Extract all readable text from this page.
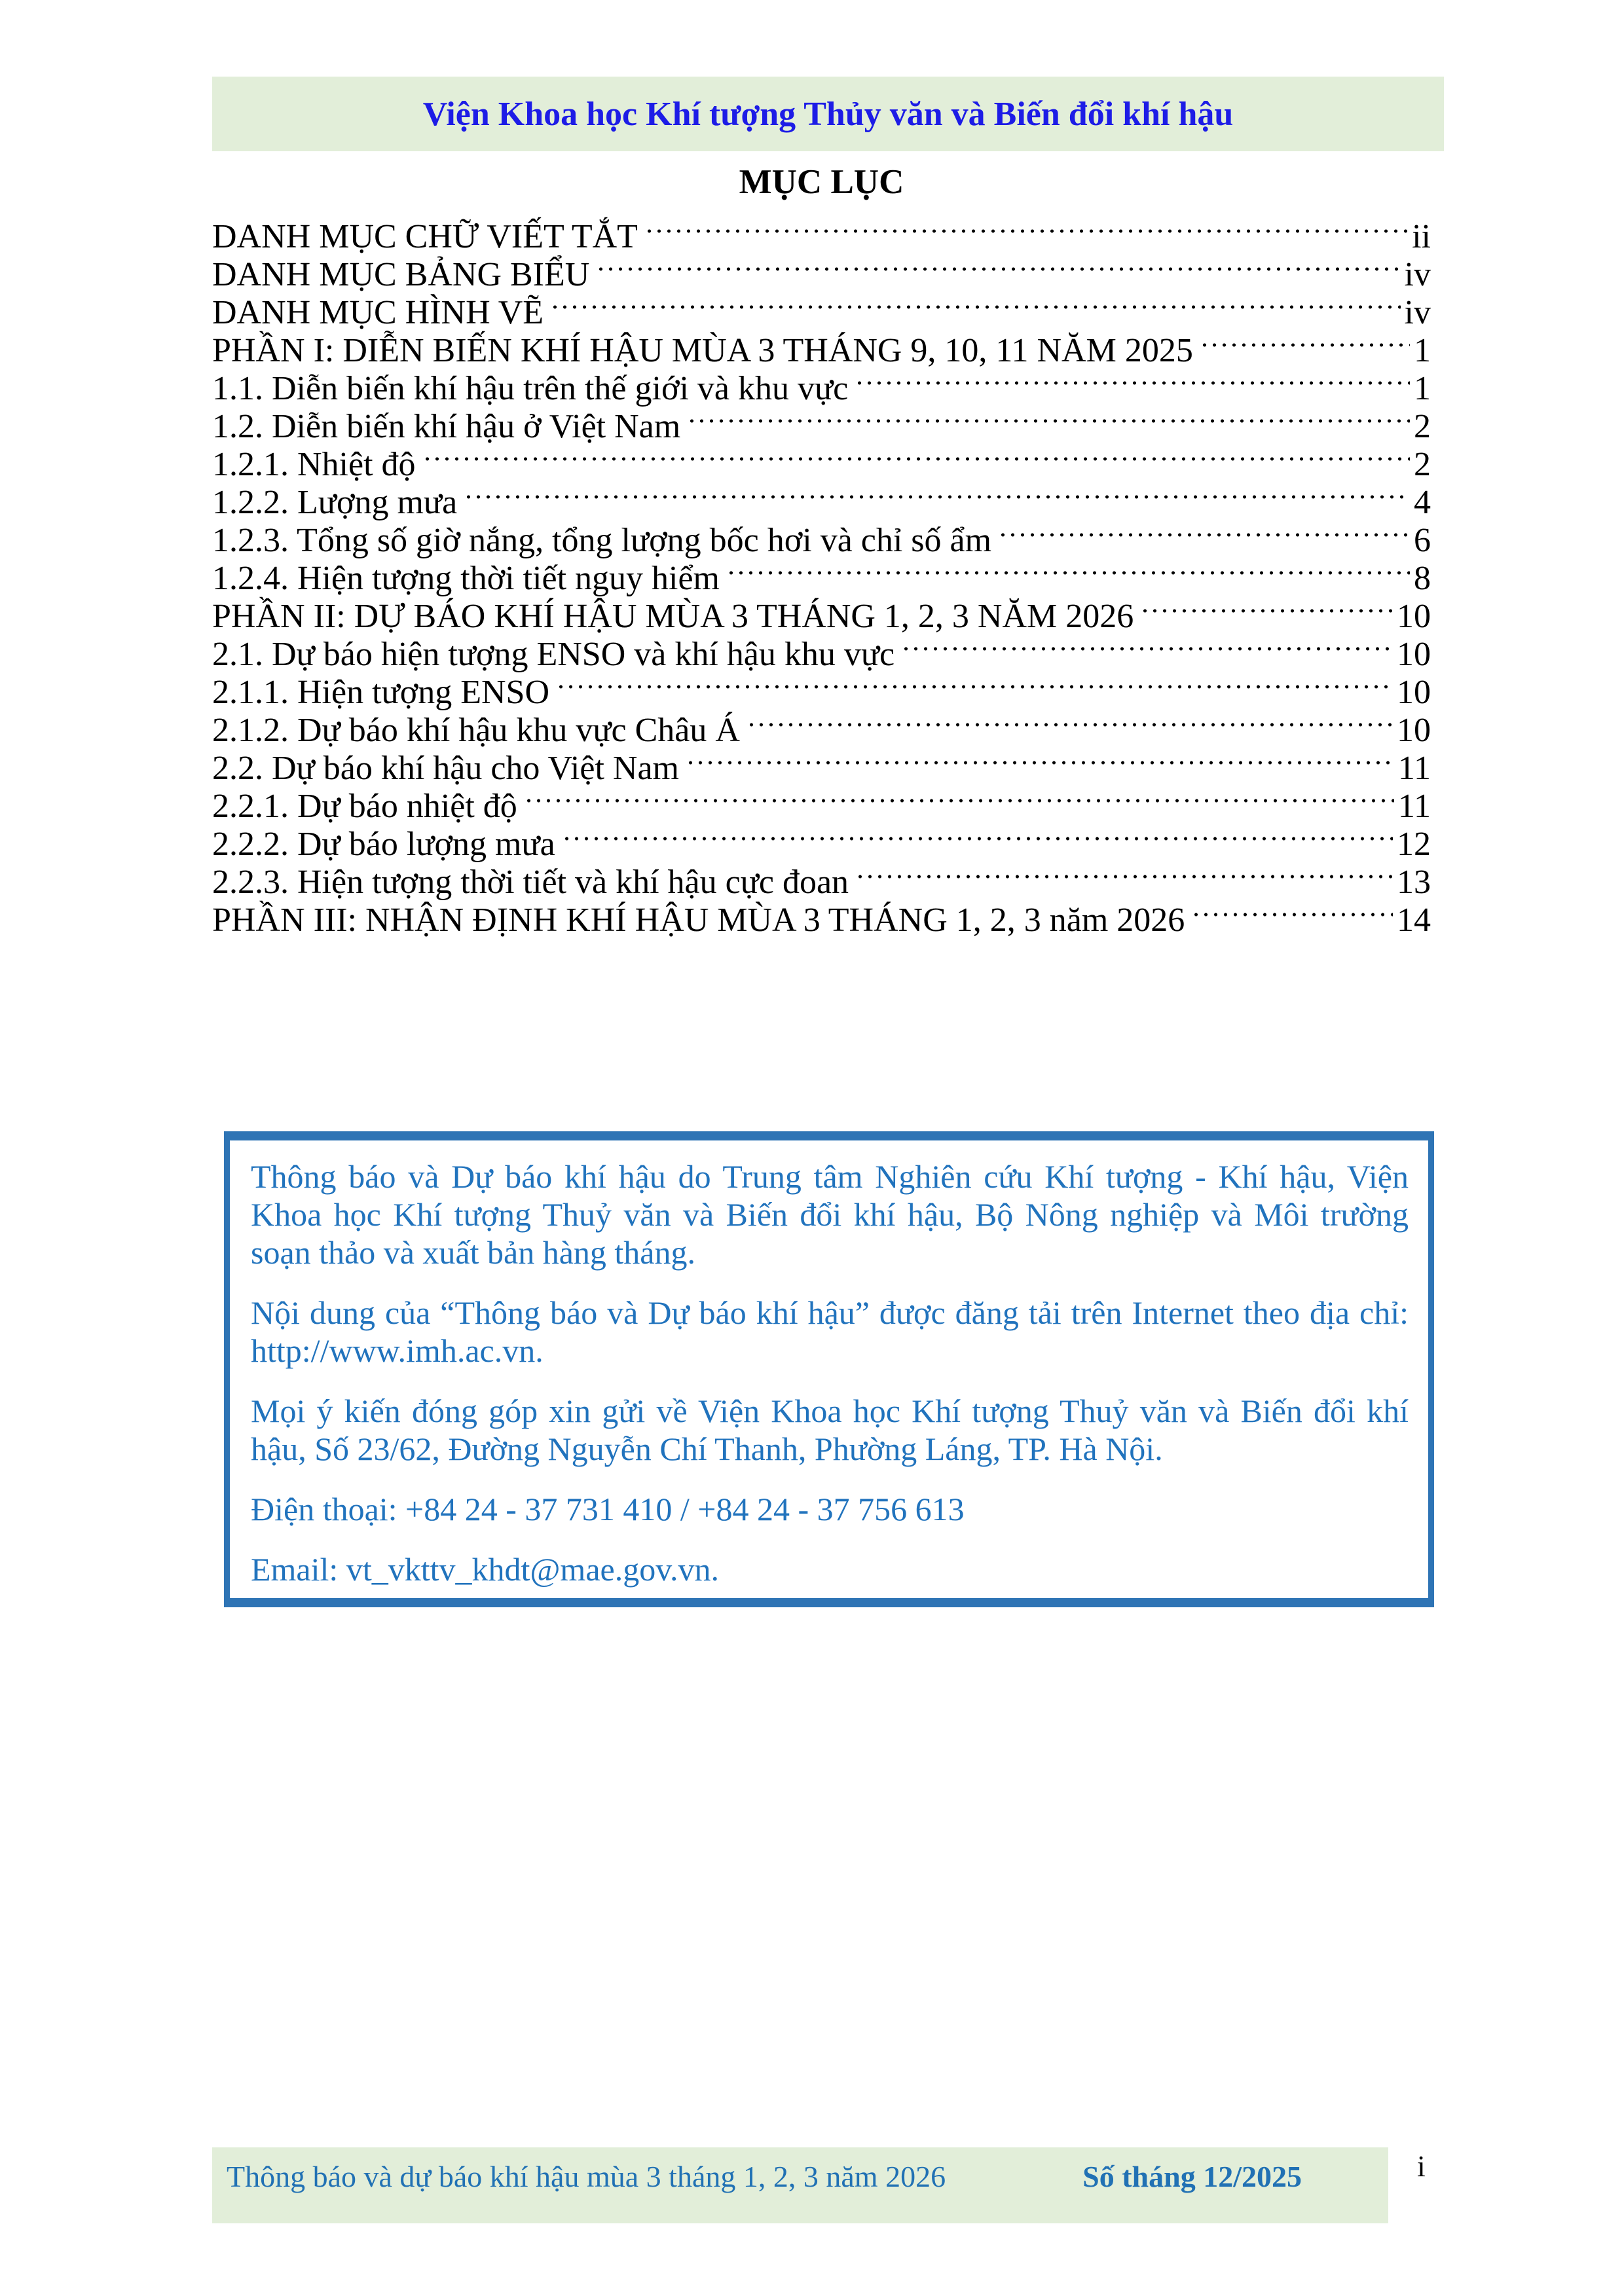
Viện Khoa học Khí tượng Thủy văn và Biến đổi khí hậu
MỤC LỤC
DANH MỤC CHỮ VIẾT TẮT	ii
DANH MỤC BẢNG BIỂU	iv
DANH MỤC HÌNH VẼ	iv
PHẦN I: DIỄN BIẾN KHÍ HẬU MÙA 3 THÁNG 9, 10, 11 NĂM 2025	1
1.1. Diễn biến khí hậu trên thế giới và khu vực	1
1.2. Diễn biến khí hậu ở Việt Nam	2
1.2.1. Nhiệt độ	2
1.2.2. Lượng mưa	4
1.2.3. Tổng số giờ nắng, tổng lượng bốc hơi và chỉ số ẩm	6
1.2.4. Hiện tượng thời tiết nguy hiểm	8
PHẦN II: DỰ BÁO KHÍ HẬU MÙA 3 THÁNG 1, 2, 3 NĂM 2026	10
2.1. Dự báo hiện tượng ENSO và khí hậu khu vực	10
2.1.1. Hiện tượng ENSO	10
2.1.2. Dự báo khí hậu khu vực Châu Á	10
2.2. Dự báo khí hậu cho Việt Nam	11
2.2.1. Dự báo nhiệt độ	11
2.2.2. Dự báo lượng mưa	12
2.2.3. Hiện tượng thời tiết và khí hậu cực đoan	13
PHẦN III: NHẬN ĐỊNH KHÍ HẬU MÙA 3 THÁNG 1, 2, 3 năm 2026	14

Thông báo và Dự báo khí hậu do Trung tâm Nghiên cứu Khí tượng - Khí hậu, Viện Khoa học Khí tượng Thuỷ văn và Biến đổi khí hậu, Bộ Nông nghiệp và Môi trường soạn thảo và xuất bản hàng tháng.

Nội dung của “Thông báo và Dự báo khí hậu” được đăng tải trên Internet theo địa chỉ: http://www.imh.ac.vn.

Mọi ý kiến đóng góp xin gửi về Viện Khoa học Khí tượng Thuỷ văn và Biến đổi khí hậu, Số 23/62, Đường Nguyễn Chí Thanh, Phường Láng, TP. Hà Nội.

Điện thoại: +84 24 - 37 731 410 / +84 24 - 37 756 613

Email: vt_vkttv_khdt@mae.gov.vn.

Thông báo và dự báo khí hậu mùa 3 tháng 1, 2, 3 năm 2026	Số tháng 12/2025	i
